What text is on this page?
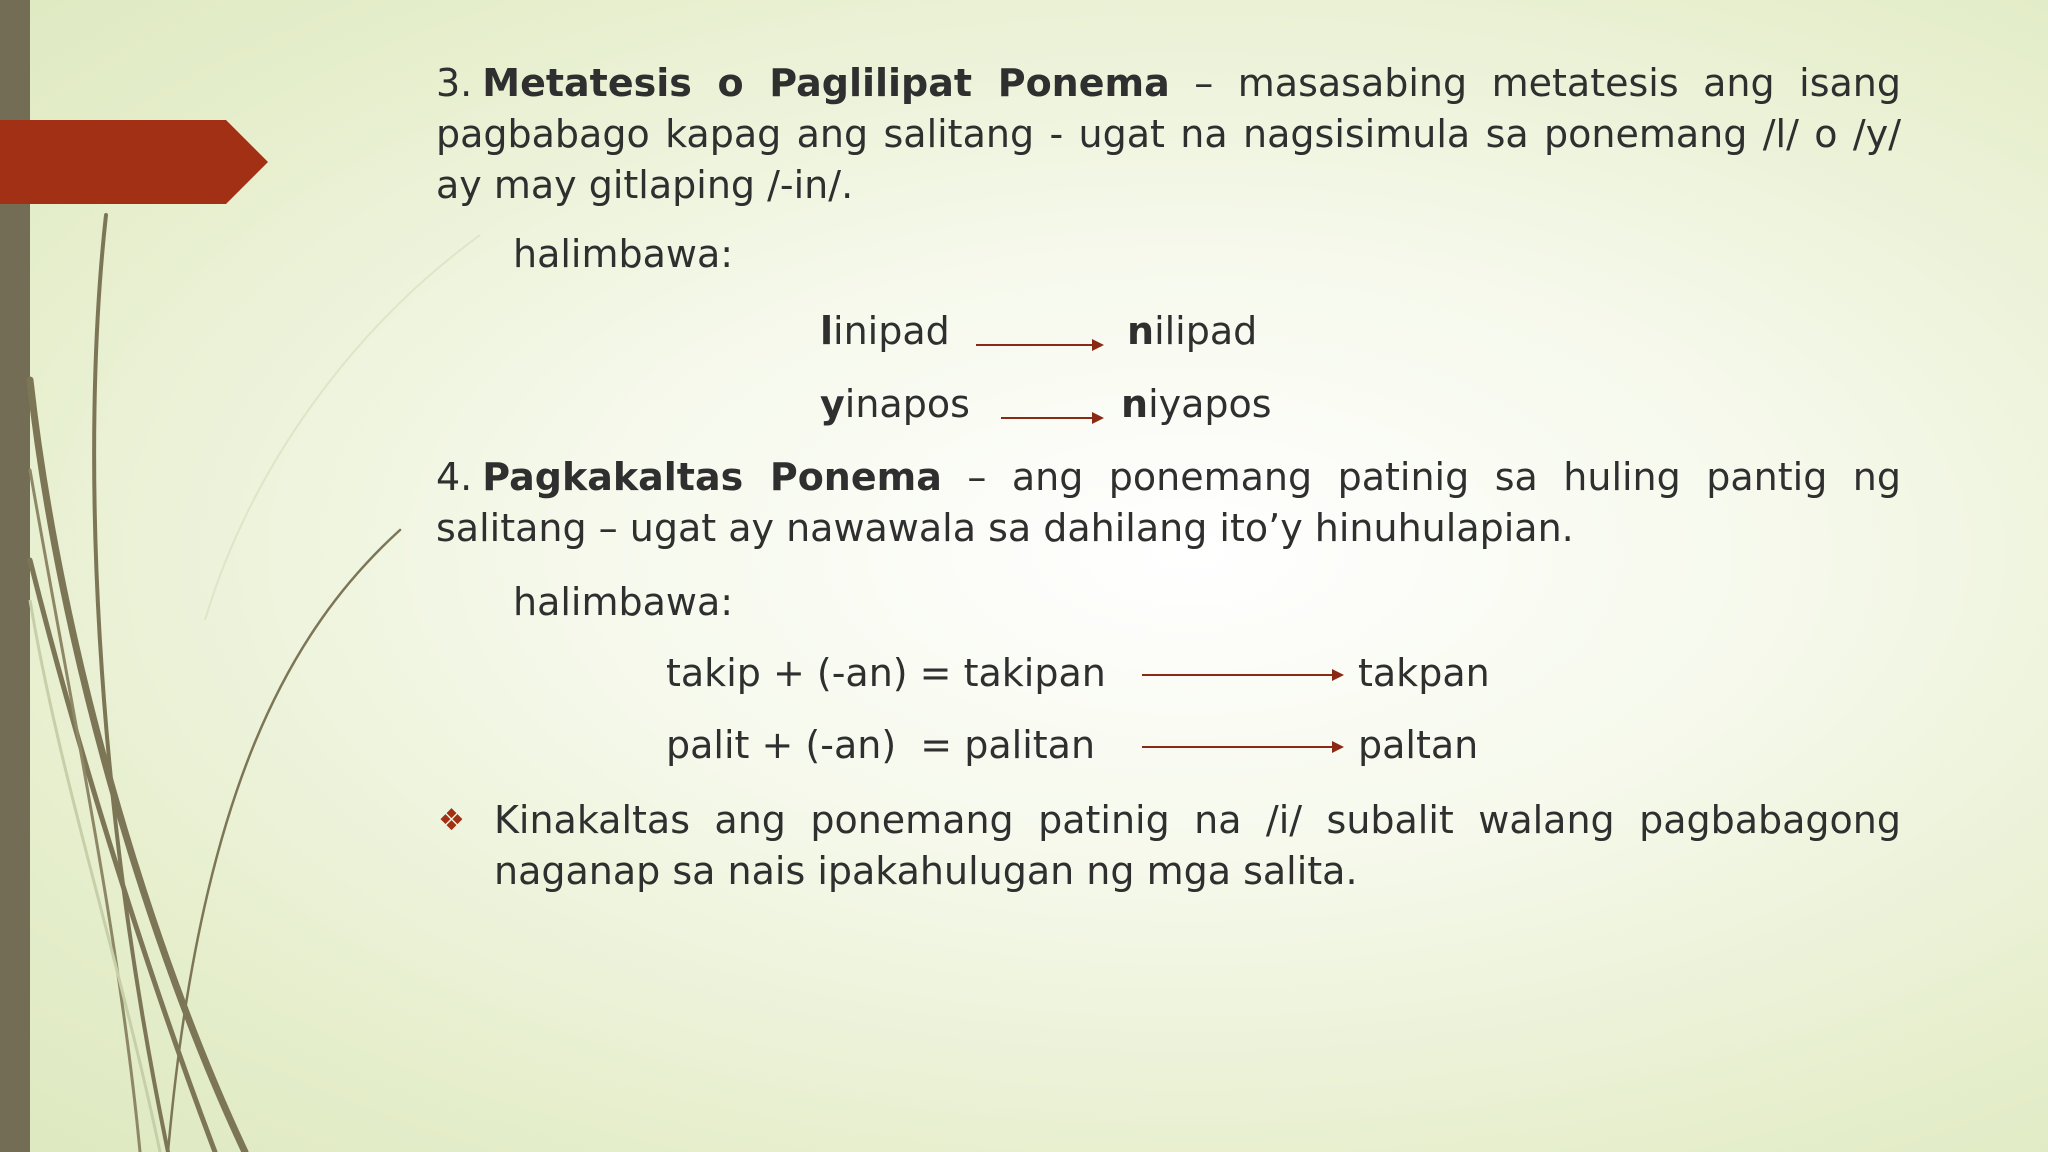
3. Metatesis o Paglilipat Ponema – masasabing metatesis ang isang pagbabago kapag ang salitang - ugat na nagsisimula sa ponemang /l/ o /y/ ay may gitlaping /-in/.
halimbawa:
linipad	nilipad
yinapos	niyapos
4. Pagkakaltas Ponema – ang ponemang patinig sa huling pantig ng salitang – ugat ay nawawala sa dahilang ito’y hinuhulapian.
halimbawa:
takip + (-an) = takipan	takpan
palit + (-an)  = palitan	paltan
❖ Kinakaltas ang ponemang patinig na /i/ subalit walang pagbabagong naganap sa nais ipakahulugan ng mga salita.
